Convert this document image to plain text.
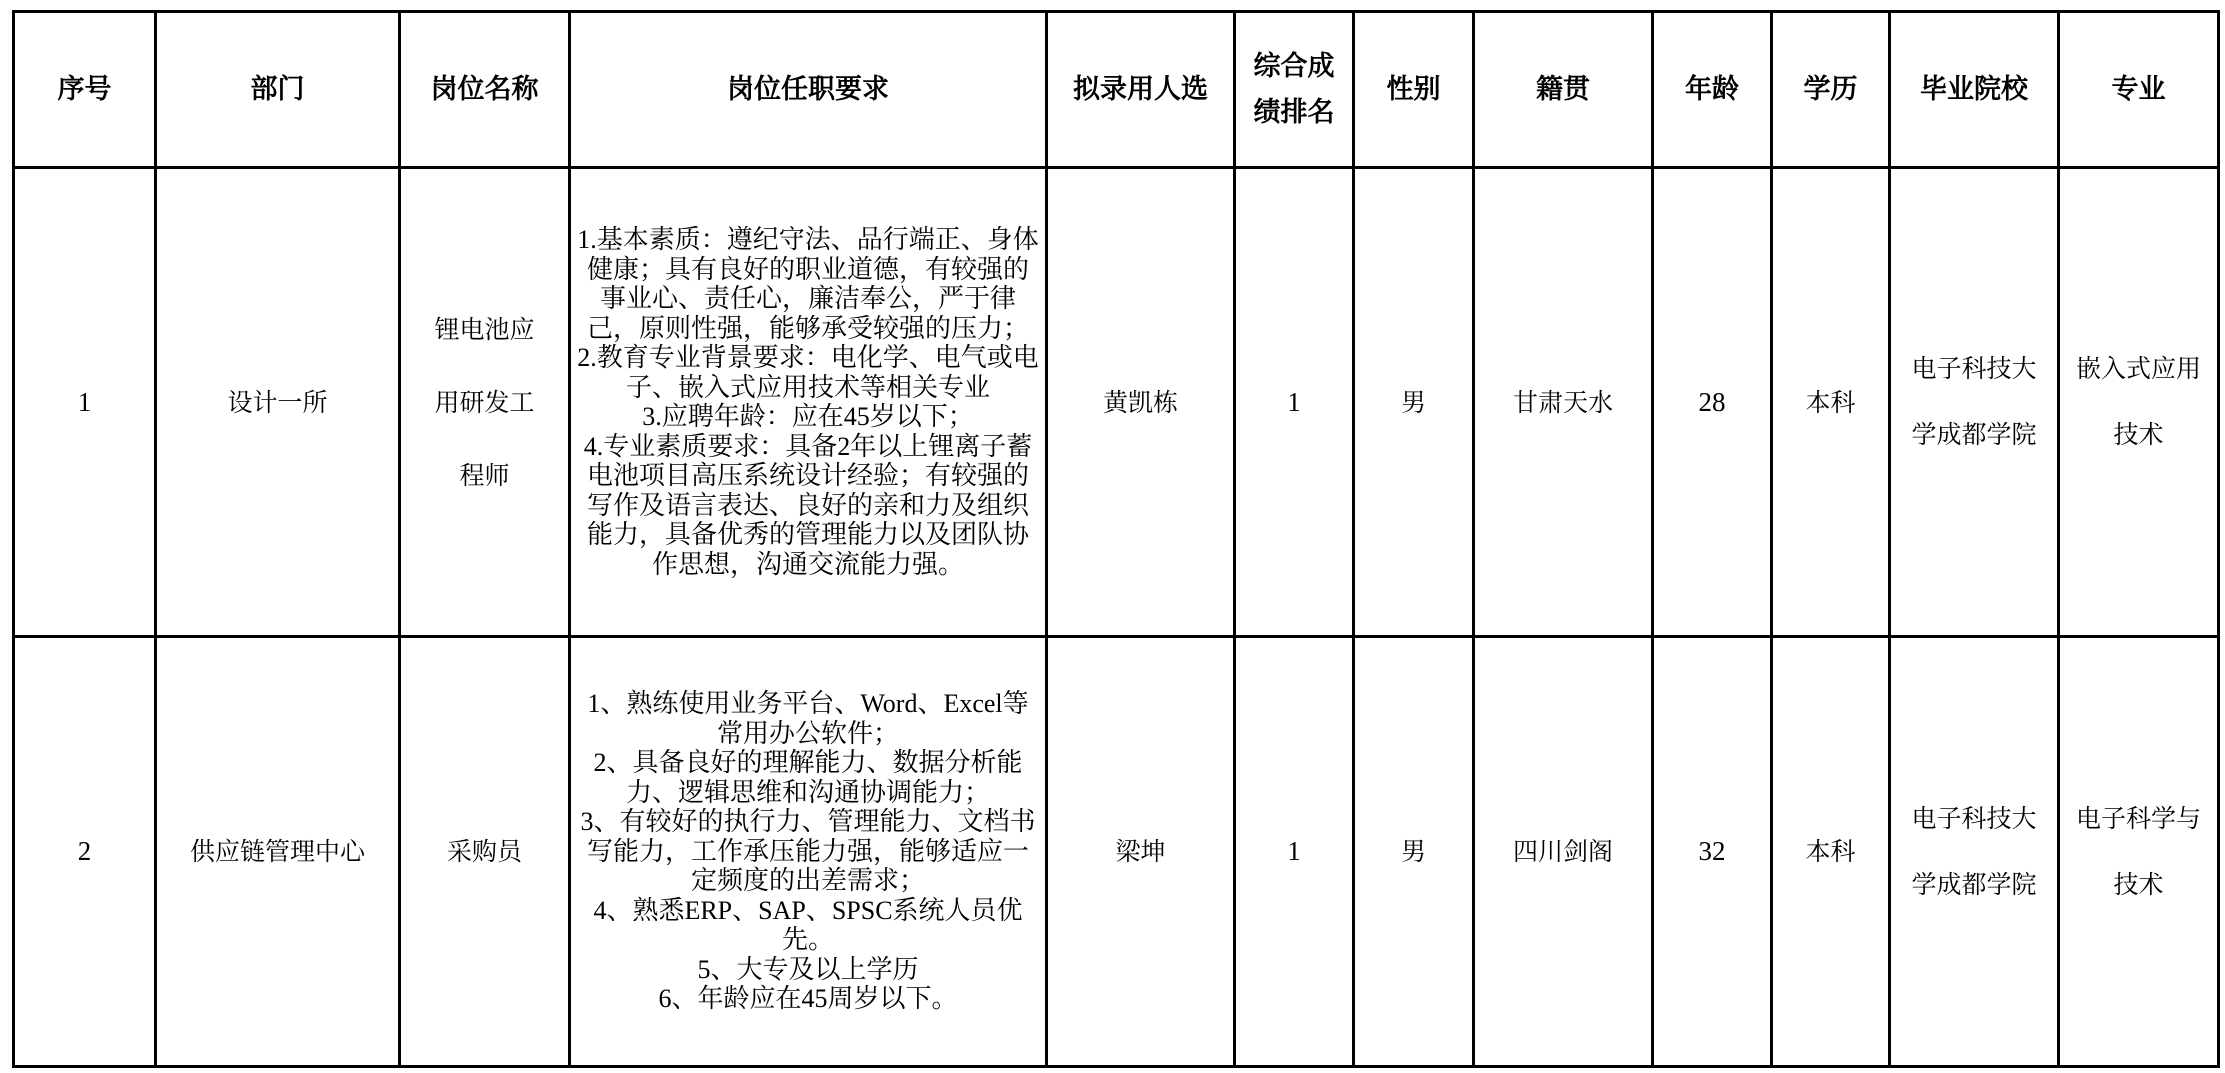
序号	部门	岗位名称	岗位任职要求	拟录用人选	综合成
绩排名	性别	籍贯	年龄	学历	毕业院校	专业
1	设计一所	锂电池应用研发工程师	1.基本素质：遵纪守法、品行端正、身体健康；具有良好的职业道德，有较强的事业心、责任心，廉洁奉公，严于律己，原则性强，能够承受较强的压力；
2.教育专业背景要求：电化学、电气或电子、嵌入式应用技术等相关专业
3.应聘年龄：应在45岁以下；
4.专业素质要求：具备2年以上锂离子蓄电池项目高压系统设计经验；有较强的写作及语言表达、良好的亲和力及组织能力，具备优秀的管理能力以及团队协作思想，沟通交流能力强。	黄凯栋	1	男	甘肃天水	28	本科	电子科技大学成都学院	嵌入式应用技术
2	供应链管理中心	采购员	
1、熟练使用业务平台、Word、Excel等常用办公软件；
2、具备良好的理解能力、数据分析能力、逻辑思维和沟通协调能力；
3、有较好的执行力、管理能力、文档书写能力，工作承压能力强，能够适应一定频度的出差需求；
4、熟悉ERP、SAP、SPSC系统人员优先。
5、大专及以上学历
6、年龄应在45周岁以下。
	梁坤	1	男	四川剑阁	32	本科	电子科技大学成都学院	电子科学与技术
